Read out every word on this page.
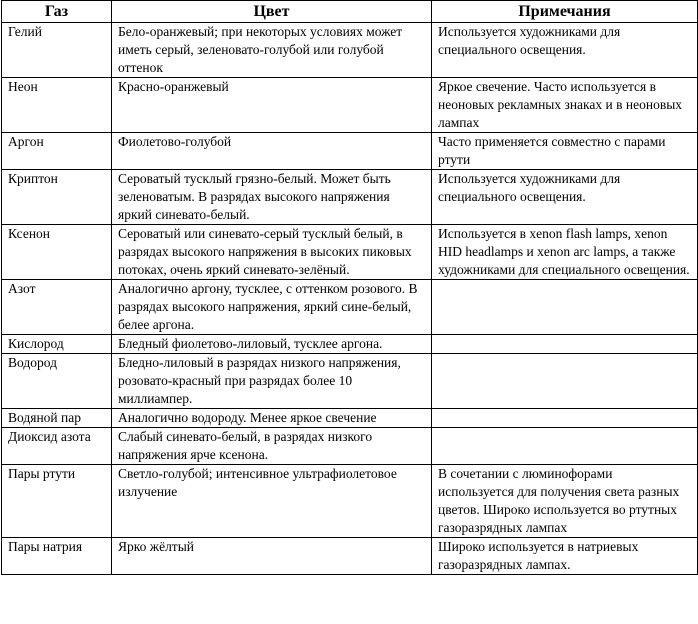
Газ	Цвет	Примечания
Гелий	Бело-оранжевый; при некоторых условиях может иметь серый, зеленовато-голубой или голубой оттенок	Используется художниками для специального освещения.
Неон	Красно-оранжевый	Яркое свечение. Часто используется в неоновых рекламных знаках и в неоновых лампах
Аргон	Фиолетово-голубой	Часто применяется совместно с парами ртути
Криптон	Сероватый тусклый грязно-белый. Может быть зеленоватым. В разрядах высокого напряжения яркий синевато-белый.	Используется художниками для специального освещения.
Ксенон	Сероватый или синевато-серый тусклый белый, в разрядах высокого напряжения в высоких пиковых потоках, очень яркий синевато-зелёный.	Используется в xenon flash lamps, xenon HID headlamps и xenon arc lamps, а также художниками для специального освещения.
Азот	Аналогично аргону, тусклее, с оттенком розового. В разрядах высокого напряжения, яркий сине-белый, белее аргона.	
Кислород	Бледный фиолетово-лиловый, тусклее аргона.	
Водород	Бледно-лиловый в разрядах низкого напряжения, розовато-красный при разрядах более 10 миллиампер.	
Водяной пар	Аналогично водороду. Менее яркое свечение	
Диоксид азота	Слабый синевато-белый, в разрядах низкого напряжения ярче ксенона.	
Пары ртути	Светло-голубой; интенсивное ультрафиолетовое излучение	В сочетании с люминофорами используется для получения света разных цветов. Широко используется во ртутных газоразрядных лампах
Пары натрия	Ярко жёлтый	Широко используется в натриевых газоразрядных лампах.
